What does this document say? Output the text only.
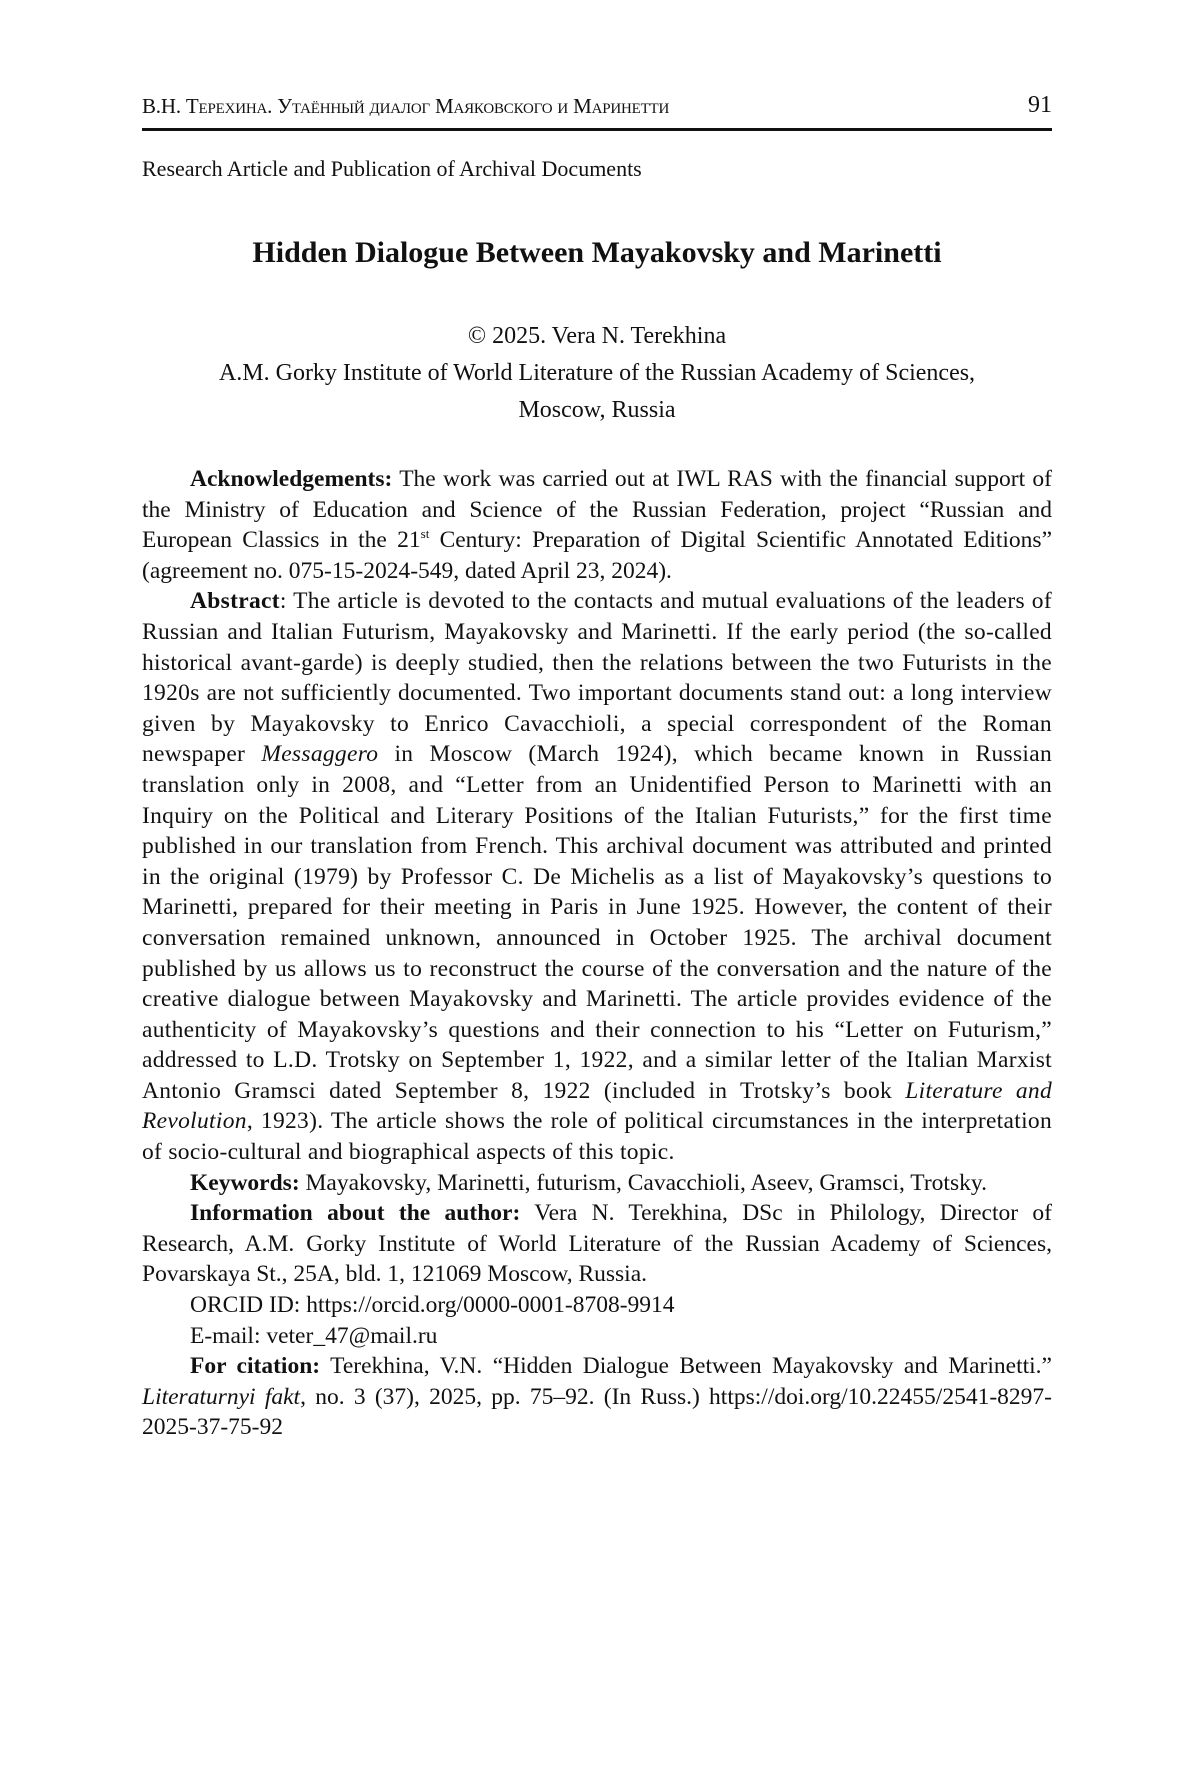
В.Н. Терехина. Утаённый диалог Маяковского и Маринетти	91
Research Article and Publication of Archival Documents
Hidden Dialogue Between Mayakovsky and Marinetti
© 2025. Vera N. Terekhina
A.M. Gorky Institute of World Literature of the Russian Academy of Sciences,
Moscow, Russia

Acknowledgements: The work was carried out at IWL RAS with the financial support of the Ministry of Education and Science of the Russian Federation, project “Russian and European Classics in the 21st Century: Preparation of Digital Scientific Annotated Editions” (agreement no. 075-15-2024-549, dated April 23, 2024).

Abstract: The article is devoted to the contacts and mutual evaluations of the leaders of Russian and Italian Futurism, Mayakovsky and Marinetti. If the early period (the so-called historical avant-garde) is deeply studied, then the relations between the two Futurists in the 1920s are not sufficiently documented. Two important documents stand out: a long interview given by Mayakovsky to Enrico Cavacchioli, a special correspondent of the Roman newspaper Messaggero in Moscow (March 1924), which became known in Russian translation only in 2008, and “Letter from an Unidentified Person to Marinetti with an Inquiry on the Political and Literary Positions of the Italian Futurists,” for the first time published in our translation from French. This archival document was attributed and printed in the original (1979) by Professor C. De Michelis as a list of Mayakovsky’s questions to Marinetti, prepared for their meeting in Paris in June 1925. However, the content of their conversation remained unknown, announced in October 1925. The archival document published by us allows us to reconstruct the course of the conversation and the nature of the creative dialogue between Mayakovsky and Marinetti. The article provides evidence of the authenticity of Mayakovsky’s questions and their connection to his “Letter on Futurism,” addressed to L.D. Trotsky on September 1, 1922, and a similar letter of the Italian Marxist Antonio Gramsci dated September 8, 1922 (included in Trotsky’s book Literature and Revolution, 1923). The article shows the role of political circumstances in the interpretation of socio-cultural and biographical aspects of this topic.

Keywords: Mayakovsky, Marinetti, futurism, Cavacchioli, Aseev, Gramsci, Trotsky.

Information about the author: Vera N. Terekhina, DSc in Philology, Director of Research, A.M. Gorky Institute of World Literature of the Russian Academy of Sciences, Povarskaya St., 25A, bld. 1, 121069 Moscow, Russia.

ORCID ID: https://orcid.org/0000-0001-8708-9914

E-mail: veter_47@mail.ru

For citation: Terekhina, V.N. “Hidden Dialogue Between Mayakovsky and Marinetti.” Literaturnyi fakt, no. 3 (37), 2025, pp. 75–92. (In Russ.) https://doi.org/10.22455/2541-8297-2025-37-75-92
